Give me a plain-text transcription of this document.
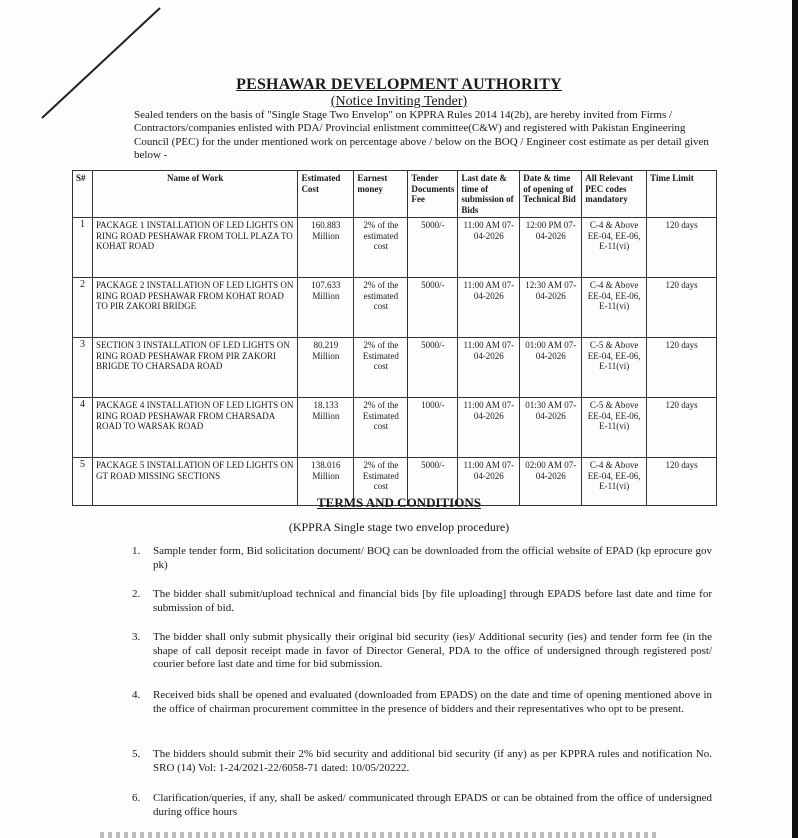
PESHAWAR DEVELOPMENT AUTHORITY
(Notice Inviting Tender)
Sealed tenders on the basis of "Single Stage Two Envelop" on KPPRA Rules 2014 14(2b), are hereby invited from Firms / Contractors/companies enlisted with PDA/ Provincial enlistment committee(C&W) and registered with Pakistan Engineering Council (PEC) for the under mentioned work on percentage above / below on the BOQ / Engineer cost estimate as per detail given below -
S#	Name of Work	Estimated Cost	Earnest money	Tender Documents Fee	Last date & time of submission of Bids	Date & time of opening of Technical Bid	All Relevant PEC codes mandatory	Time Limit
1	PACKAGE 1 INSTALLATION OF LED LIGHTS ON RING ROAD PESHAWAR FROM TOLL PLAZA TO KOHAT ROAD	160.883 Million	2% of the estimated cost	5000/-	11:00 AM 07-04-2026	12:00 PM 07-04-2026	C-4 & Above EE-04, EE-06, E-11(vi)	120 days
2	PACKAGE 2 INSTALLATION OF LED LIGHTS ON RING ROAD PESHAWAR FROM KOHAT ROAD TO PIR ZAKORI BRIDGE	107.633 Million	2% of the estimated cost	5000/-	11:00 AM 07-04-2026	12:30 AM 07-04-2026	C-4 & Above EE-04, EE-06, E-11(vi)	120 days
3	SECTION 3 INSTALLATION OF LED LIGHTS ON RING ROAD PESHAWAR FROM PIR ZAKORI BRIGDE TO CHARSADA ROAD	80.219 Million	2% of the Estimated cost	5000/-	11:00 AM 07-04-2026	01:00 AM 07-04-2026	C-5 & Above EE-04, EE-06, E-11(vi)	120 days
4	PACKAGE 4 INSTALLATION OF LED LIGHTS ON RING ROAD PESHAWAR FROM CHARSADA ROAD TO WARSAK ROAD	18.133 Million	2% of the Estimated cost	1000/-	11:00 AM 07-04-2026	01:30 AM 07-04-2026	C-5 & Above EE-04, EE-06, E-11(vi)	120 days
5	PACKAGE 5 INSTALLATION OF LED LIGHTS ON GT ROAD MISSING SECTIONS	138.016 Million	2% of the Estimated cost	5000/-	11:00 AM 07-04-2026	02:00 AM 07-04-2026	C-4 & Above EE-04, EE-06, E-11(vi)	120 days
TERMS AND CONDITIONS
(KPPRA Single stage two envelop procedure)
1.	Sample tender form, Bid solicitation document/ BOQ can be downloaded from the official website of EPAD (kp eprocure gov pk)
2.	The bidder shall submit/upload technical and financial bids [by file uploading] through EPADS before last date and time for submission of bid.
3.	The bidder shall only submit physically their original bid security (ies)/ Additional security (ies) and tender form fee (in the shape of call deposit receipt made in favor of Director General, PDA to the office of undersigned through registered post/ courier before last date and time for bid submission.
4.	Received bids shall be opened and evaluated (downloaded from EPADS) on the date and time of opening mentioned above in the office of chairman procurement committee in the presence of bidders and their representatives who opt to be present.
5.	The bidders should submit their 2% bid security and additional bid security (if any) as per KPPRA rules and notification No. SRO (14) Vol: 1-24/2021-22/6058-71 dated: 10/05/20222.
6.	Clarification/queries, if any, shall be asked/ communicated through EPADS or can be obtained from the office of undersigned during office hours
